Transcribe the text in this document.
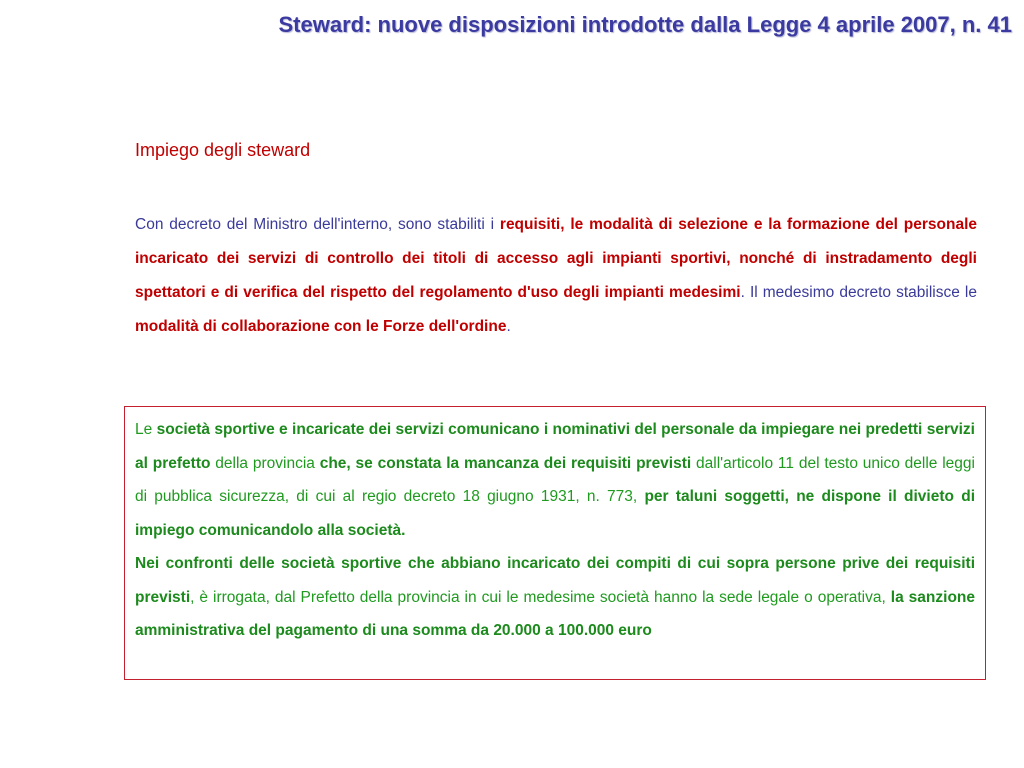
Steward: nuove disposizioni introdotte dalla Legge 4 aprile 2007, n. 41
Impiego degli steward

Con decreto del Ministro dell'interno, sono stabiliti i requisiti, le modalità di selezione e la formazione del personale incaricato dei servizi di controllo dei titoli di accesso agli impianti sportivi, nonché di instradamento degli spettatori e di verifica del rispetto del regolamento d'uso degli impianti medesimi. Il medesimo decreto stabilisce le modalità di collaborazione con le Forze dell'ordine.

Le società sportive e incaricate dei servizi comunicano i nominativi del personale da impiegare nei predetti servizi al prefetto della provincia che, se constata la mancanza dei requisiti previsti dall'articolo 11 del testo unico delle leggi di pubblica sicurezza, di cui al regio decreto 18 giugno 1931, n. 773, per taluni soggetti, ne dispone il divieto di impiego comunicandolo alla società.

Nei confronti delle società sportive che abbiano incaricato dei compiti di cui sopra persone prive dei requisiti previsti, è irrogata, dal Prefetto della provincia in cui le medesime società hanno la sede legale o operativa, la sanzione amministrativa del pagamento di una somma da 20.000 a 100.000 euro
